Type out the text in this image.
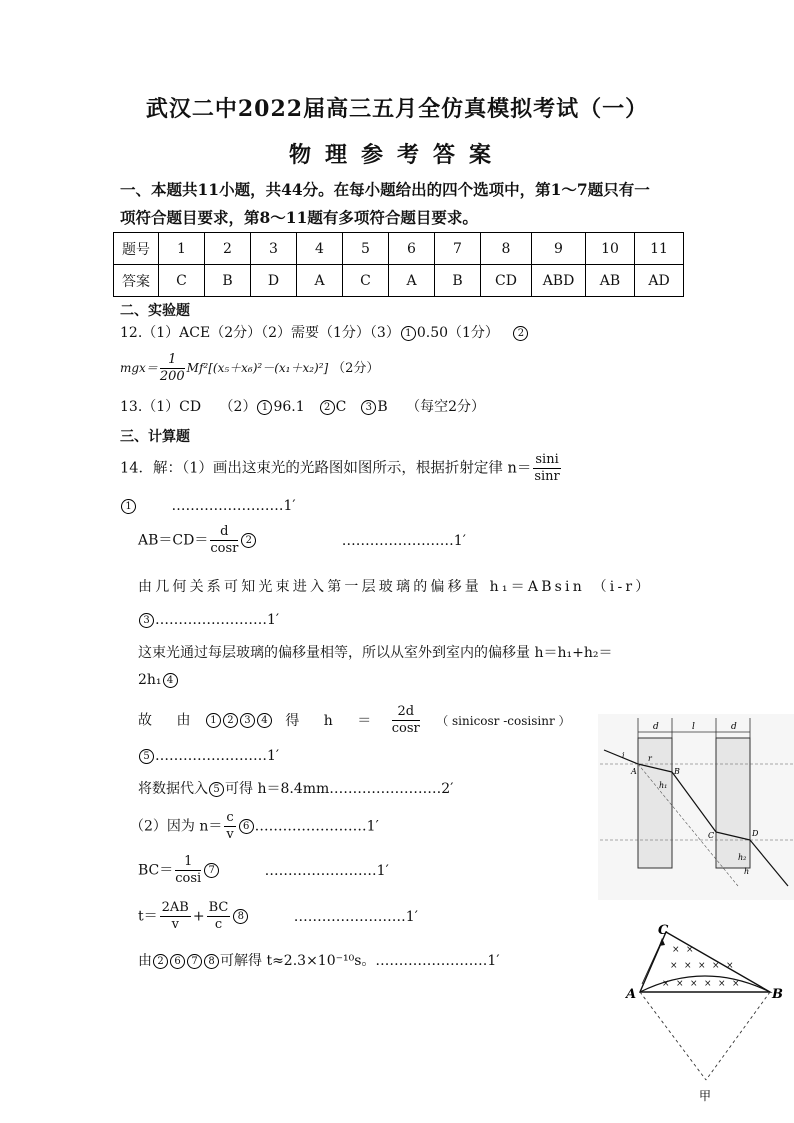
武汉二中2022届高三五月全仿真模拟考试（一）
物理参考答案
一、本题共11小题，共44分。在每小题给出的四个选项中，第1～7题只有一
项符合题目要求，第8～11题有多项符合题目要求。
题号	1	2	3	4	5	6	7	8	9	10	11
答案	C	B	D	A	C	A	B	CD	ABD	AB	AD
二、实验题
12.（1）ACE（2分）（2）需要（1分）（3） 1 0.50（1分） 2
$mgx= \frac{1}{200} Mf^2[(x_5+x_6)^2-(x_1+x_2)^2]$ （2分）
13.（1）CD　 （2） 1 96.1　2 C　3 B　 （每空2分）
三、计算题
14．解：（1）画出这束光的光路图如图所示，根据折射定律 $n= \frac{\sin i}{\sin r}$
1	……………………1′
$AB=CD= \frac{d}{\cos r} 2$	……………………1′
由几何关系可知光束进入第一层玻璃的偏移量 h₁＝ABsin （i-r）
3 ……………………1′
这束光通过每层玻璃的偏移量相等，所以从室外到室内的偏移量 h＝h₁+h₂＝
2h₁ 4
故 由 1 2 3 4 得 $h = \frac{2d}{\cos r}$ （ sinicosr -cosisinr ）
5 ……………………1′
将数据代入 5 可得 h＝8.4mm……………………2′
（2）因为 $n= \frac{c}{v} 6$ ……………………1′
$BC= \frac{1}{\cos i} 7$	……………………1′
$t= \frac{2AB}{v} + \frac{BC}{c} 8$	……………………1′
由 2 6 7 8 可解得 t≈2.3×10⁻¹⁰s。……………………1′
d	l	d
i
A
r
B
h₁
C	D
h₂
h
× ×
× × × × ×
× × × × × ×
C
A	B
甲
